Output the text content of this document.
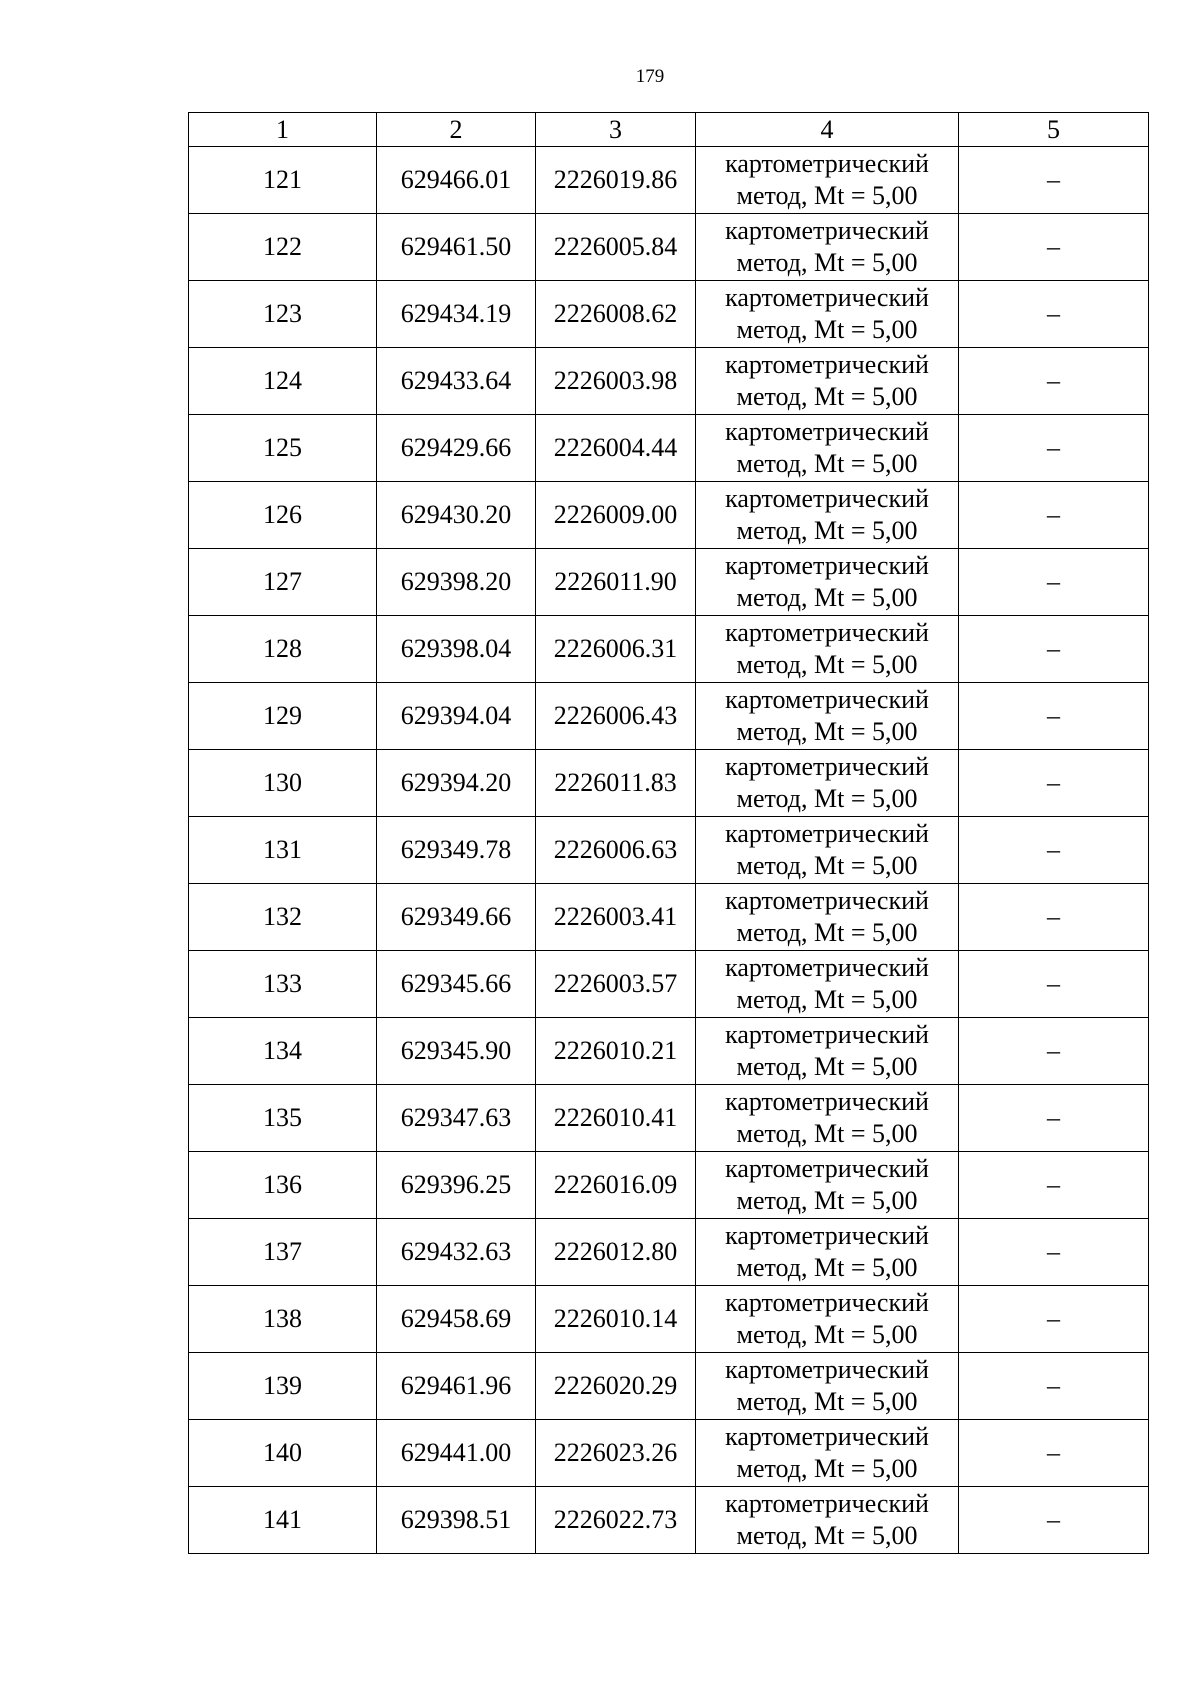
179
1	2	3	4	5
121	629466.01	2226019.86	картометрический
метод, Mt = 5,00	–
122	629461.50	2226005.84	картометрический
метод, Mt = 5,00	–
123	629434.19	2226008.62	картометрический
метод, Mt = 5,00	–
124	629433.64	2226003.98	картометрический
метод, Mt = 5,00	–
125	629429.66	2226004.44	картометрический
метод, Mt = 5,00	–
126	629430.20	2226009.00	картометрический
метод, Mt = 5,00	–
127	629398.20	2226011.90	картометрический
метод, Mt = 5,00	–
128	629398.04	2226006.31	картометрический
метод, Mt = 5,00	–
129	629394.04	2226006.43	картометрический
метод, Mt = 5,00	–
130	629394.20	2226011.83	картометрический
метод, Mt = 5,00	–
131	629349.78	2226006.63	картометрический
метод, Mt = 5,00	–
132	629349.66	2226003.41	картометрический
метод, Mt = 5,00	–
133	629345.66	2226003.57	картометрический
метод, Mt = 5,00	–
134	629345.90	2226010.21	картометрический
метод, Mt = 5,00	–
135	629347.63	2226010.41	картометрический
метод, Mt = 5,00	–
136	629396.25	2226016.09	картометрический
метод, Mt = 5,00	–
137	629432.63	2226012.80	картометрический
метод, Mt = 5,00	–
138	629458.69	2226010.14	картометрический
метод, Mt = 5,00	–
139	629461.96	2226020.29	картометрический
метод, Mt = 5,00	–
140	629441.00	2226023.26	картометрический
метод, Mt = 5,00	–
141	629398.51	2226022.73	картометрический
метод, Mt = 5,00	–
